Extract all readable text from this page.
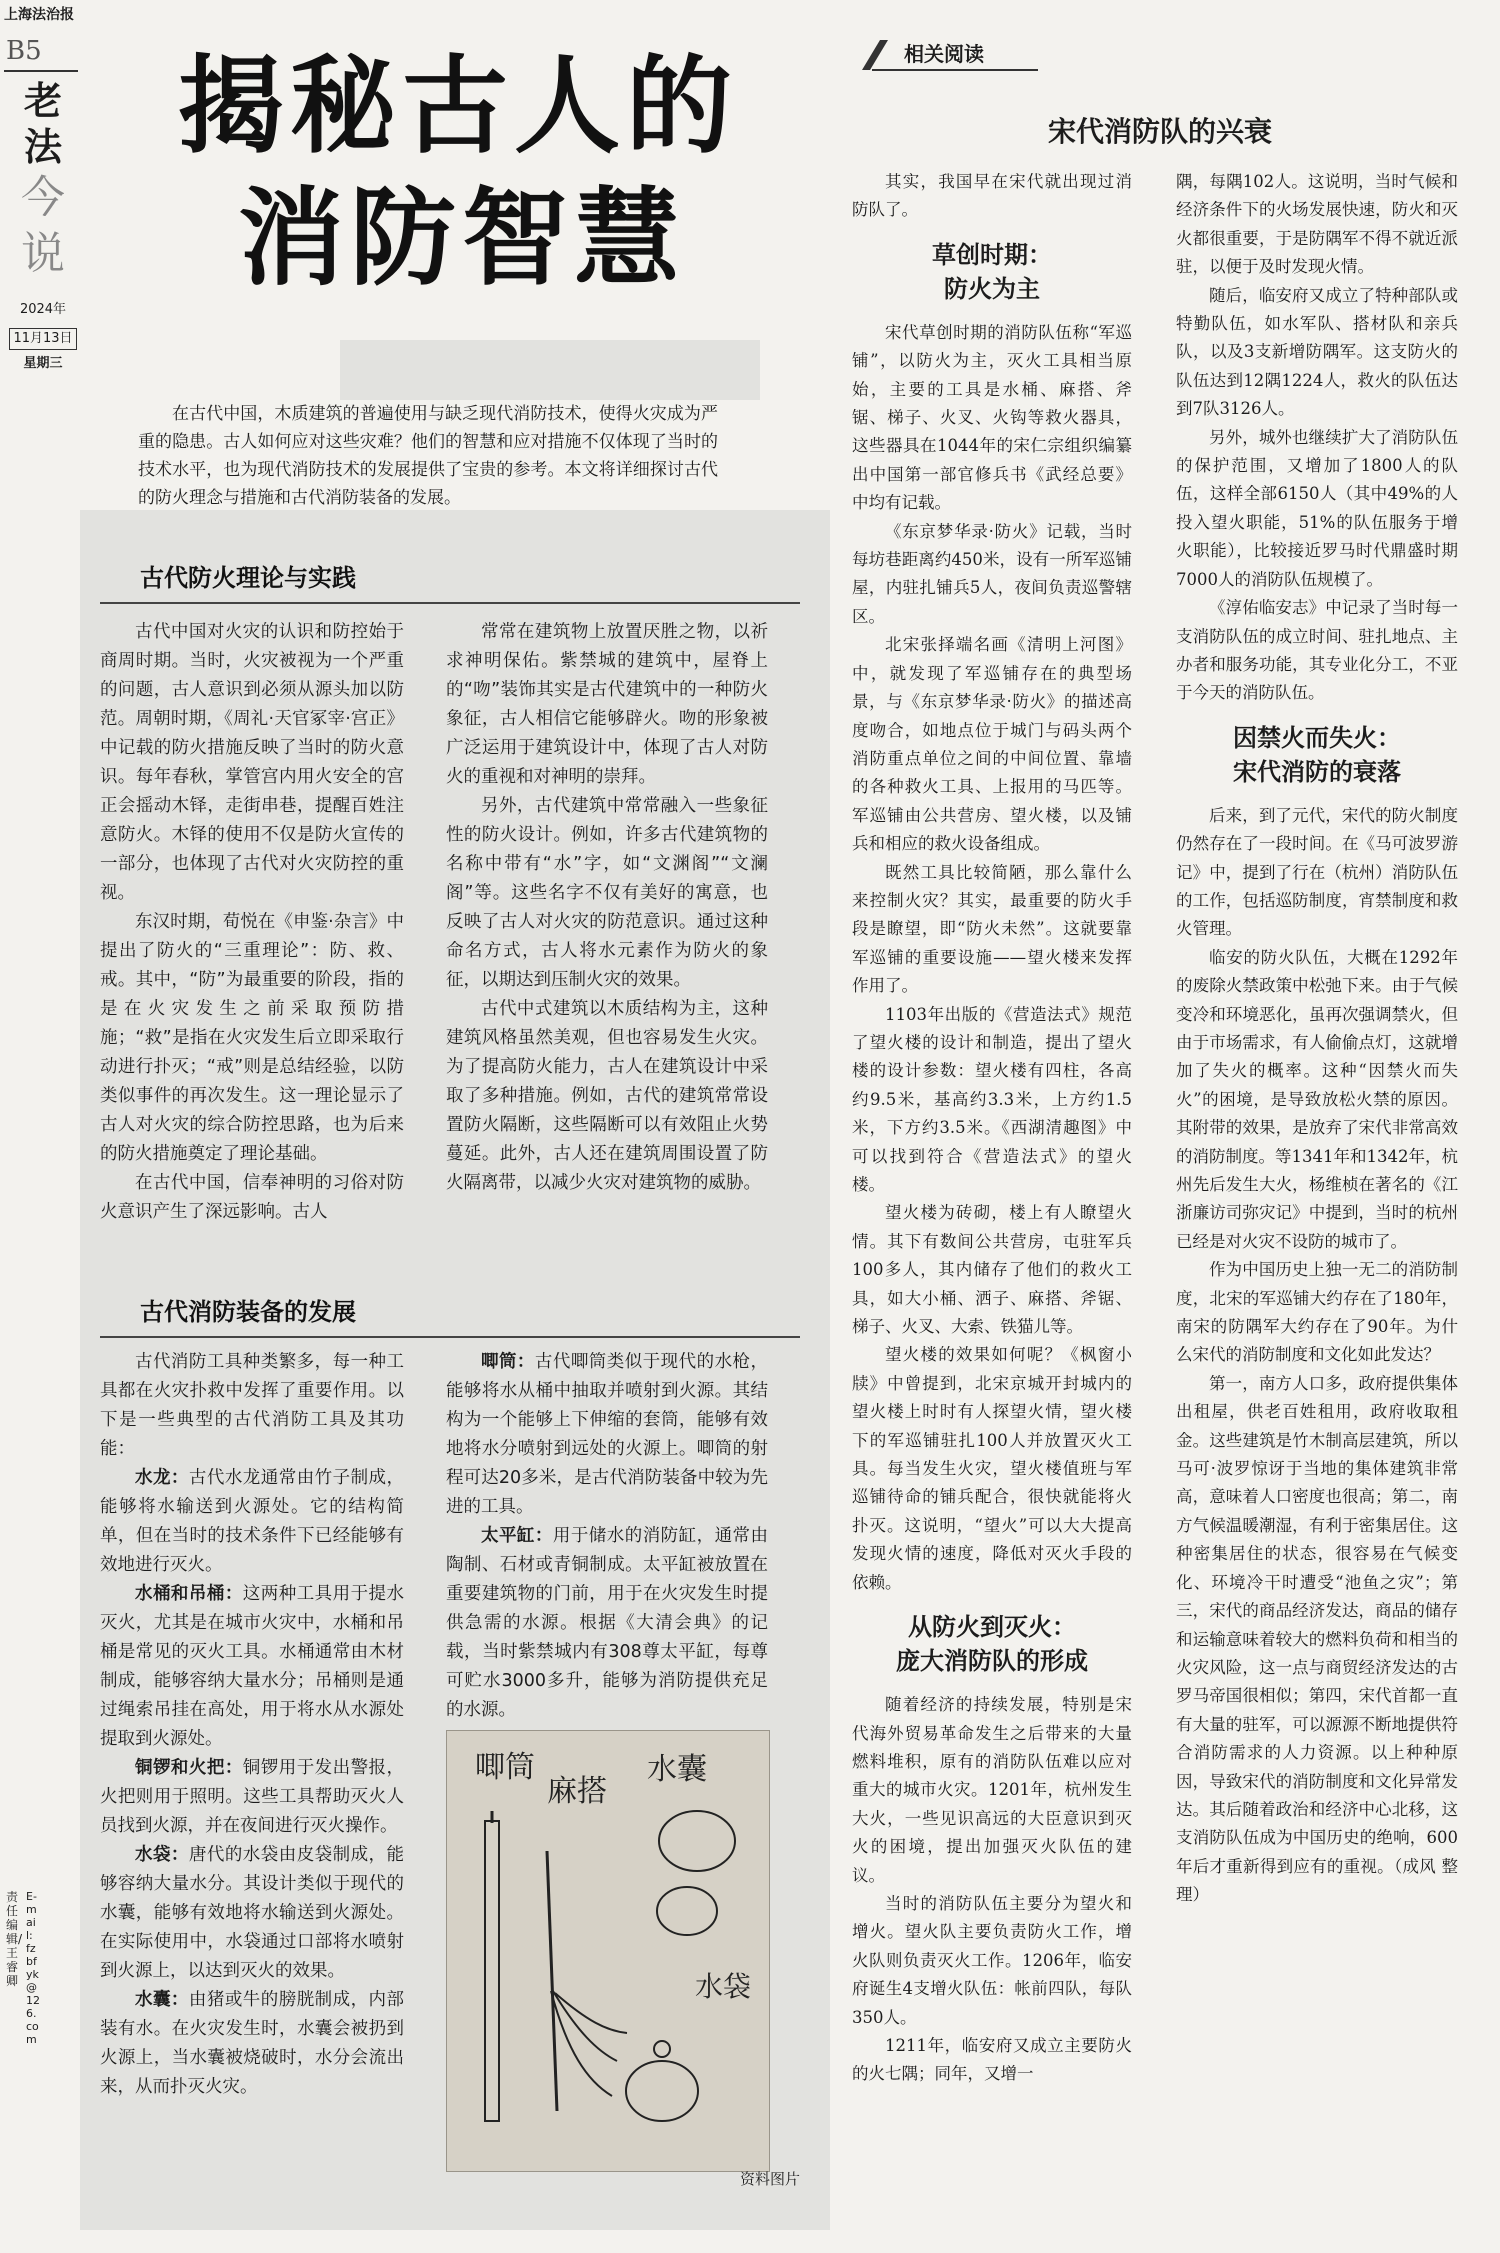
上海法治报
B5
老法
今说
2024年
11月13日
星期三
责任编辑/王睿卿
E-mail: fzbfyk@126.com
揭秘古人的
消防智慧
在古代中国，木质建筑的普遍使用与缺乏现代消防技术，使得火灾成为严重的隐患。古人如何应对这些灾难？他们的智慧和应对措施不仅体现了当时的技术水平，也为现代消防技术的发展提供了宝贵的参考。本文将详细探讨古代的防火理念与措施和古代消防装备的发展。
古代防火理论与实践

古代中国对火灾的认识和防控始于商周时期。当时，火灾被视为一个严重的问题，古人意识到必须从源头加以防范。周朝时期，《周礼·天官冢宰·宫正》中记载的防火措施反映了当时的防火意识。每年春秋，掌管宫内用火安全的宫正会摇动木铎，走街串巷，提醒百姓注意防火。木铎的使用不仅是防火宣传的一部分，也体现了古代对火灾防控的重视。

东汉时期，荀悦在《申鉴·杂言》中提出了防火的“三重理论”：防、救、戒。其中，“防”为最重要的阶段，指的是在火灾发生之前采取预防措施；“救”是指在火灾发生后立即采取行动进行扑灭；“戒”则是总结经验，以防类似事件的再次发生。这一理论显示了古人对火灾的综合防控思路，也为后来的防火措施奠定了理论基础。

在古代中国，信奉神明的习俗对防火意识产生了深远影响。古人

常常在建筑物上放置厌胜之物，以祈求神明保佑。紫禁城的建筑中，屋脊上的“吻”装饰其实是古代建筑中的一种防火象征，古人相信它能够辟火。吻的形象被广泛运用于建筑设计中，体现了古人对防火的重视和对神明的崇拜。

另外，古代建筑中常常融入一些象征性的防火设计。例如，许多古代建筑物的名称中带有“水”字，如“文渊阁”“文澜阁”等。这些名字不仅有美好的寓意，也反映了古人对火灾的防范意识。通过这种命名方式，古人将水元素作为防火的象征，以期达到压制火灾的效果。

古代中式建筑以木质结构为主，这种建筑风格虽然美观，但也容易发生火灾。为了提高防火能力，古人在建筑设计中采取了多种措施。例如，古代的建筑常常设置防火隔断，这些隔断可以有效阻止火势蔓延。此外，古人还在建筑周围设置了防火隔离带，以减少火灾对建筑物的威胁。

古代消防装备的发展

古代消防工具种类繁多，每一种工具都在火灾扑救中发挥了重要作用。以下是一些典型的古代消防工具及其功能：

水龙：古代水龙通常由竹子制成，能够将水输送到火源处。它的结构简单，但在当时的技术条件下已经能够有效地进行灭火。

水桶和吊桶：这两种工具用于提水灭火，尤其是在城市火灾中，水桶和吊桶是常见的灭火工具。水桶通常由木材制成，能够容纳大量水分；吊桶则是通过绳索吊挂在高处，用于将水从水源处提取到火源处。

铜锣和火把：铜锣用于发出警报，火把则用于照明。这些工具帮助灭火人员找到火源，并在夜间进行灭火操作。

水袋：唐代的水袋由皮袋制成，能够容纳大量水分。其设计类似于现代的水囊，能够有效地将水输送到火源处。在实际使用中，水袋通过口部将水喷射到火源上，以达到灭火的效果。

水囊：由猪或牛的膀胱制成，内部装有水。在火灾发生时，水囊会被扔到火源上，当水囊被烧破时，水分会流出来，从而扑灭火灾。

唧筒：古代唧筒类似于现代的水枪，能够将水从桶中抽取并喷射到火源。其结构为一个能够上下伸缩的套筒，能够有效地将水分喷射到远处的火源上。唧筒的射程可达20多米，是古代消防装备中较为先进的工具。

太平缸：用于储水的消防缸，通常由陶制、石材或青铜制成。太平缸被放置在重要建筑物的门前，用于在火灾发生时提供急需的水源。根据《大清会典》的记载，当时紫禁城内有308尊太平缸，每尊可贮水3000多升，能够为消防提供充足的水源。

唧筒
麻搭
水囊
水袋
资料图片
相关阅读
宋代消防队的兴衰

其实，我国早在宋代就出现过消防队了。

草创时期：
防火为主

宋代草创时期的消防队伍称“军巡铺”，以防火为主，灭火工具相当原始，主要的工具是水桶、麻搭、斧锯、梯子、火叉、火钩等救火器具，这些器具在1044年的宋仁宗组织编纂出中国第一部官修兵书《武经总要》中均有记载。

《东京梦华录·防火》记载，当时每坊巷距离约450米，设有一所军巡铺屋，内驻扎铺兵5人，夜间负责巡警辖区。

北宋张择端名画《清明上河图》中，就发现了军巡铺存在的典型场景，与《东京梦华录·防火》的描述高度吻合，如地点位于城门与码头两个消防重点单位之间的中间位置、靠墙的各种救火工具、上报用的马匹等。军巡铺由公共营房、望火楼，以及铺兵和相应的救火设备组成。

既然工具比较简陋，那么靠什么来控制火灾？其实，最重要的防火手段是瞭望，即“防火未然”。这就要靠军巡铺的重要设施——望火楼来发挥作用了。

1103年出版的《营造法式》规范了望火楼的设计和制造，提出了望火楼的设计参数：望火楼有四柱，各高约9.5米，基高约3.3米，上方约1.5米，下方约3.5米。《西湖清趣图》中可以找到符合《营造法式》的望火楼。

望火楼为砖砌，楼上有人瞭望火情。其下有数间公共营房，屯驻军兵100多人，其内储存了他们的救火工具，如大小桶、洒子、麻搭、斧锯、梯子、火叉、大索、铁猫儿等。

望火楼的效果如何呢？《枫窗小牍》中曾提到，北宋京城开封城内的望火楼上时时有人探望火情，望火楼下的军巡铺驻扎100人并放置灭火工具。每当发生火灾，望火楼值班与军巡铺待命的铺兵配合，很快就能将火扑灭。这说明，“望火”可以大大提高发现火情的速度，降低对灭火手段的依赖。

从防火到灭火：
庞大消防队的形成

随着经济的持续发展，特别是宋代海外贸易革命发生之后带来的大量燃料堆积，原有的消防队伍难以应对重大的城市火灾。1201年，杭州发生大火，一些见识高远的大臣意识到灭火的困境，提出加强灭火队伍的建议。

当时的消防队伍主要分为望火和增火。望火队主要负责防火工作，增火队则负责灭火工作。1206年，临安府诞生4支增火队伍：帐前四队，每队350人。

1211年，临安府又成立主要防火的火七隅；同年，又增一

隅，每隅102人。这说明，当时气候和经济条件下的火场发展快速，防火和灭火都很重要，于是防隅军不得不就近派驻，以便于及时发现火情。

随后，临安府又成立了特种部队或特勤队伍，如水军队、搭材队和亲兵队，以及3支新增防隅军。这支防火的队伍达到12隅1224人，救火的队伍达到7队3126人。

另外，城外也继续扩大了消防队伍的保护范围，又增加了1800人的队伍，这样全部6150人（其中49%的人投入望火职能，51%的队伍服务于增火职能），比较接近罗马时代鼎盛时期7000人的消防队伍规模了。

《淳佑临安志》中记录了当时每一支消防队伍的成立时间、驻扎地点、主办者和服务功能，其专业化分工，不亚于今天的消防队伍。

因禁火而失火：
宋代消防的衰落

后来，到了元代，宋代的防火制度仍然存在了一段时间。在《马可波罗游记》中，提到了行在（杭州）消防队伍的工作，包括巡防制度，宵禁制度和救火管理。

临安的防火队伍，大概在1292年的废除火禁政策中松弛下来。由于气候变冷和环境恶化，虽再次强调禁火，但由于市场需求，有人偷偷点灯，这就增加了失火的概率。这种“因禁火而失火”的困境，是导致放松火禁的原因。其附带的效果，是放弃了宋代非常高效的消防制度。等1341年和1342年，杭州先后发生大火，杨维桢在著名的《江浙廉访司弥灾记》中提到，当时的杭州已经是对火灾不设防的城市了。

作为中国历史上独一无二的消防制度，北宋的军巡铺大约存在了180年，南宋的防隅军大约存在了90年。为什么宋代的消防制度和文化如此发达？

第一，南方人口多，政府提供集体出租屋，供老百姓租用，政府收取租金。这些建筑是竹木制高层建筑，所以马可·波罗惊讶于当地的集体建筑非常高，意味着人口密度也很高；第二，南方气候温暖潮湿，有利于密集居住。这种密集居住的状态，很容易在气候变化、环境冷干时遭受“池鱼之灾”；第三，宋代的商品经济发达，商品的储存和运输意味着较大的燃料负荷和相当的火灾风险，这一点与商贸经济发达的古罗马帝国很相似；第四，宋代首都一直有大量的驻军，可以源源不断地提供符合消防需求的人力资源。以上种种原因，导致宋代的消防制度和文化异常发达。其后随着政治和经济中心北移，这支消防队伍成为中国历史的绝响，600年后才重新得到应有的重视。（成风 整理）
